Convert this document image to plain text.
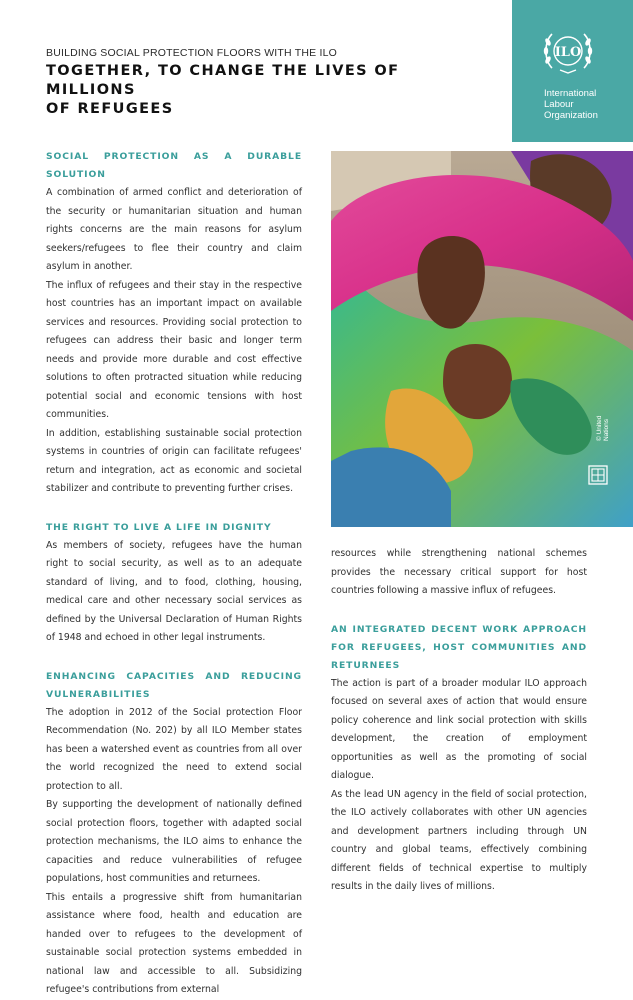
BUILDING SOCIAL PROTECTION FLOORS WITH THE ILO
TOGETHER, TO CHANGE THE LIVES OF MILLIONS
OF REFUGEES
ILO
International
Labour
Organization
SOCIAL PROTECTION AS A DURABLE SOLUTION

A combination of armed conflict and deterioration of the security or humanitarian situation and human rights concerns are the main reasons for asylum seekers/refugees to flee their country and claim asylum in another.

The influx of refugees and their stay in the respective host countries has an important impact on available services and resources. Providing social protection to refugees can address their basic and longer term needs and provide more durable and cost effective solutions to often protracted situation while reducing potential social and economic tensions with host communities.

In addition, establishing sustainable social protection systems in countries of origin can facilitate refugees' return and integration, act as economic and societal stabilizer and contribute to preventing further crises.

THE RIGHT TO LIVE A LIFE IN DIGNITY

As members of society, refugees have the human right to social security, as well as to an adequate standard of living, and to food, clothing, housing, medical care and other necessary social services as defined by the Universal Declaration of Human Rights of 1948 and echoed in other legal instruments.

ENHANCING CAPACITIES AND REDUCING VULNERABILITIES

The adoption in 2012 of the Social protection Floor Recommendation (No. 202) by all ILO Member states has been a watershed event as countries from all over the world recognized the need to extend social protection to all.

By supporting the development of nationally defined social protection floors, together with adapted social protection mechanisms, the ILO aims to enhance the capacities and reduce vulnerabilities of refugee populations, host communities and returnees.

This entails a progressive shift from humanitarian assistance where food, health and education are handed over to refugees to the development of sustainable social protection systems embedded in national law and accessible to all. Subsidizing refugee's contributions from external

© United Nations

resources while strengthening national schemes provides the necessary critical support for host countries following a massive influx of refugees.

AN INTEGRATED DECENT WORK APPROACH FOR REFUGEES, HOST COMMUNITIES AND RETURNEES

The action is part of a broader modular ILO approach focused on several axes of action that would ensure policy coherence and link social protection with skills development, the creation of employment opportunities as well as the promoting of social dialogue.

As the lead UN agency in the field of social protection, the ILO actively collaborates with other UN agencies and development partners including through UN country and global teams, effectively combining different fields of technical expertise to multiply results in the daily lives of millions.
